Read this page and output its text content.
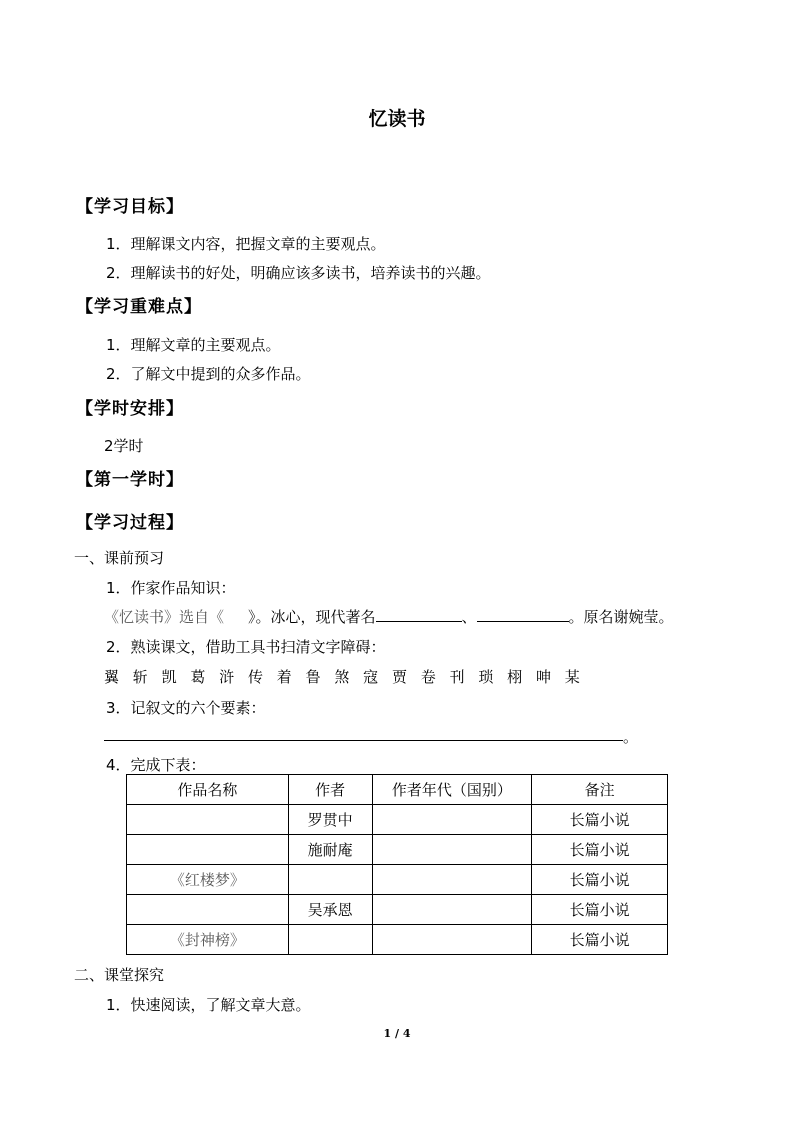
忆读书
【学习目标】
1．理解课文内容，把握文章的主要观点。
2．理解读书的好处，明确应该多读书，培养读书的兴趣。
【学习重难点】
1．理解文章的主要观点。
2．了解文中提到的众多作品。
【学时安排】
2学时
【第一学时】
【学习过程】
一、课前预习
1．作家作品知识：
《忆读书》选自《 》。冰心，现代著名	、	。原名谢婉莹。
2．熟读课文，借助工具书扫清文字障碍：
翼 斩 凯 葛 浒 传 着 鲁 煞 寇 贾 卷 刊 琐 栩 呻 某
3．记叙文的六个要素：
。
4．完成下表：
作品名称	作者	作者年代（国别）	备注
	罗贯中		长篇小说
	施耐庵		长篇小说
《红楼梦》			长篇小说
	吴承恩		长篇小说
《封神榜》			长篇小说
二、课堂探究
1．快速阅读，了解文章大意。
1 / 4
